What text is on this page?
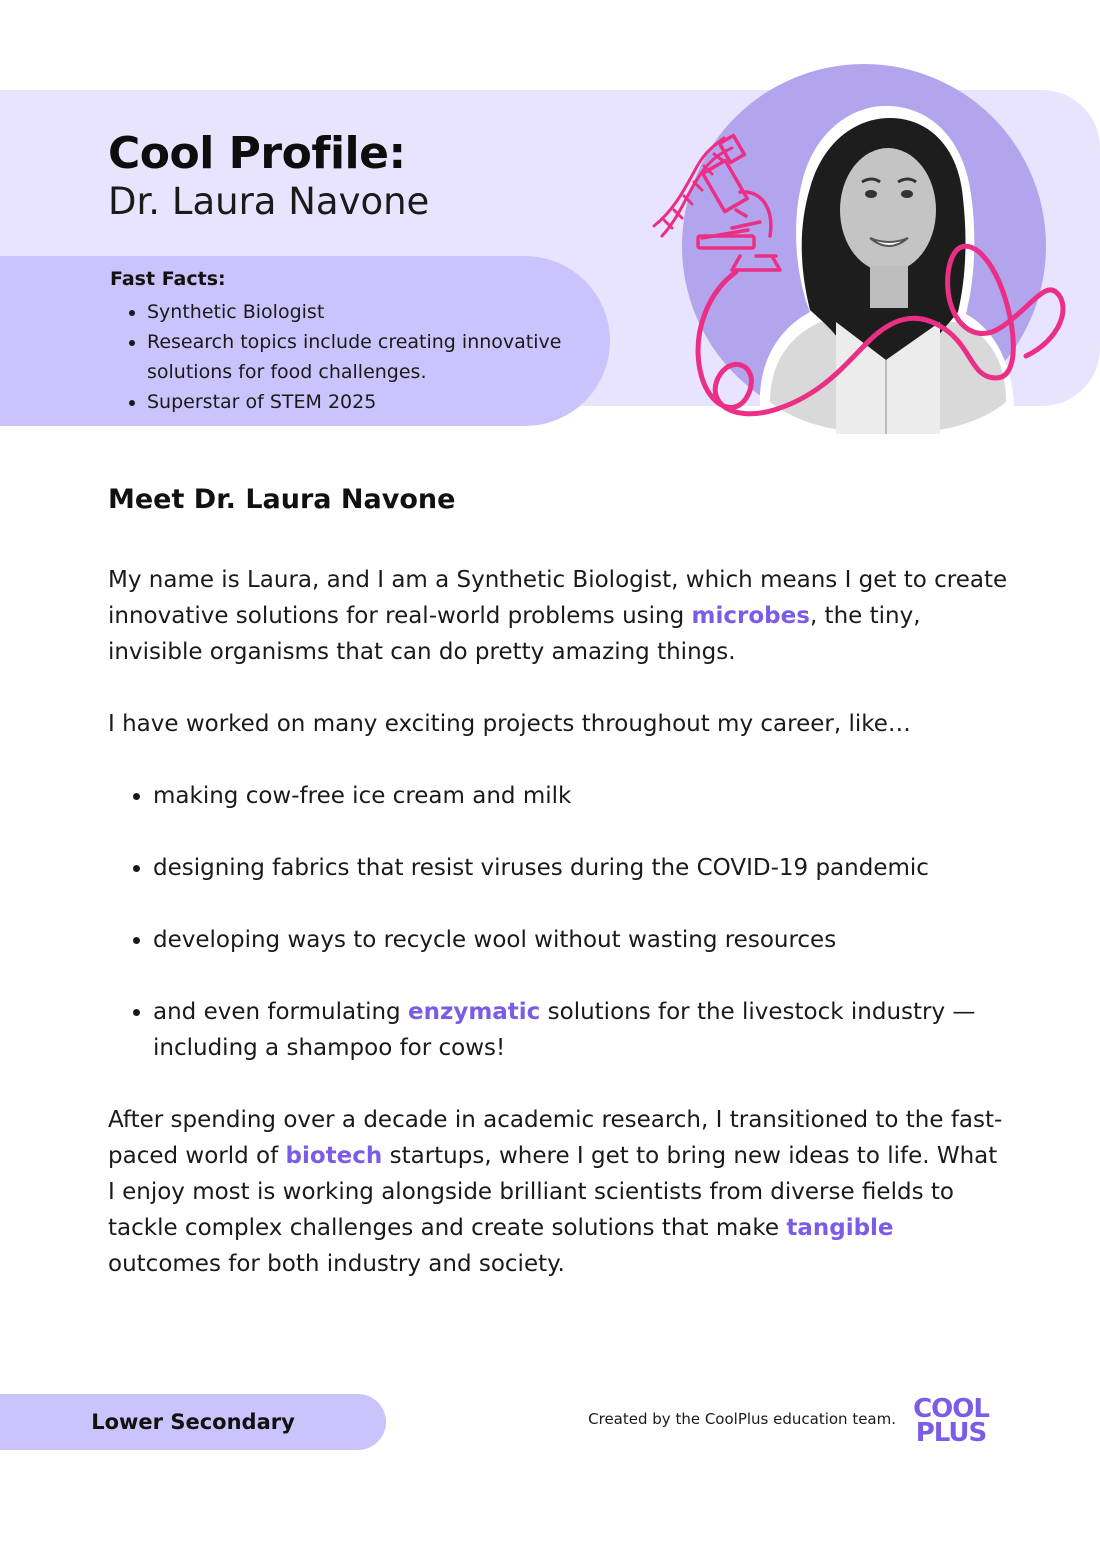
Cool Profile:
Dr. Laura Navone

Fast Facts:

• Synthetic Biologist
• Research topics include creating innovative solutions for food challenges.
• Superstar of STEM 2025
Meet Dr. Laura Navone

My name is Laura, and I am a Synthetic Biologist, which means I get to create innovative solutions for real-world problems using microbes, the tiny, invisible organisms that can do pretty amazing things.

I have worked on many exciting projects throughout my career, like…

• making cow-free ice cream and milk
• designing fabrics that resist viruses during the COVID-19 pandemic
• developing ways to recycle wool without wasting resources
• and even formulating enzymatic solutions for the livestock industry — including a shampoo for cows!

After spending over a decade in academic research, I transitioned to the fast-paced world of biotech startups, where I get to bring new ideas to life. What I enjoy most is working alongside brilliant scientists from diverse fields to tackle complex challenges and create solutions that make tangible outcomes for both industry and society.

Lower Secondary	Created by the CoolPlus education team. COOL
PLUS
